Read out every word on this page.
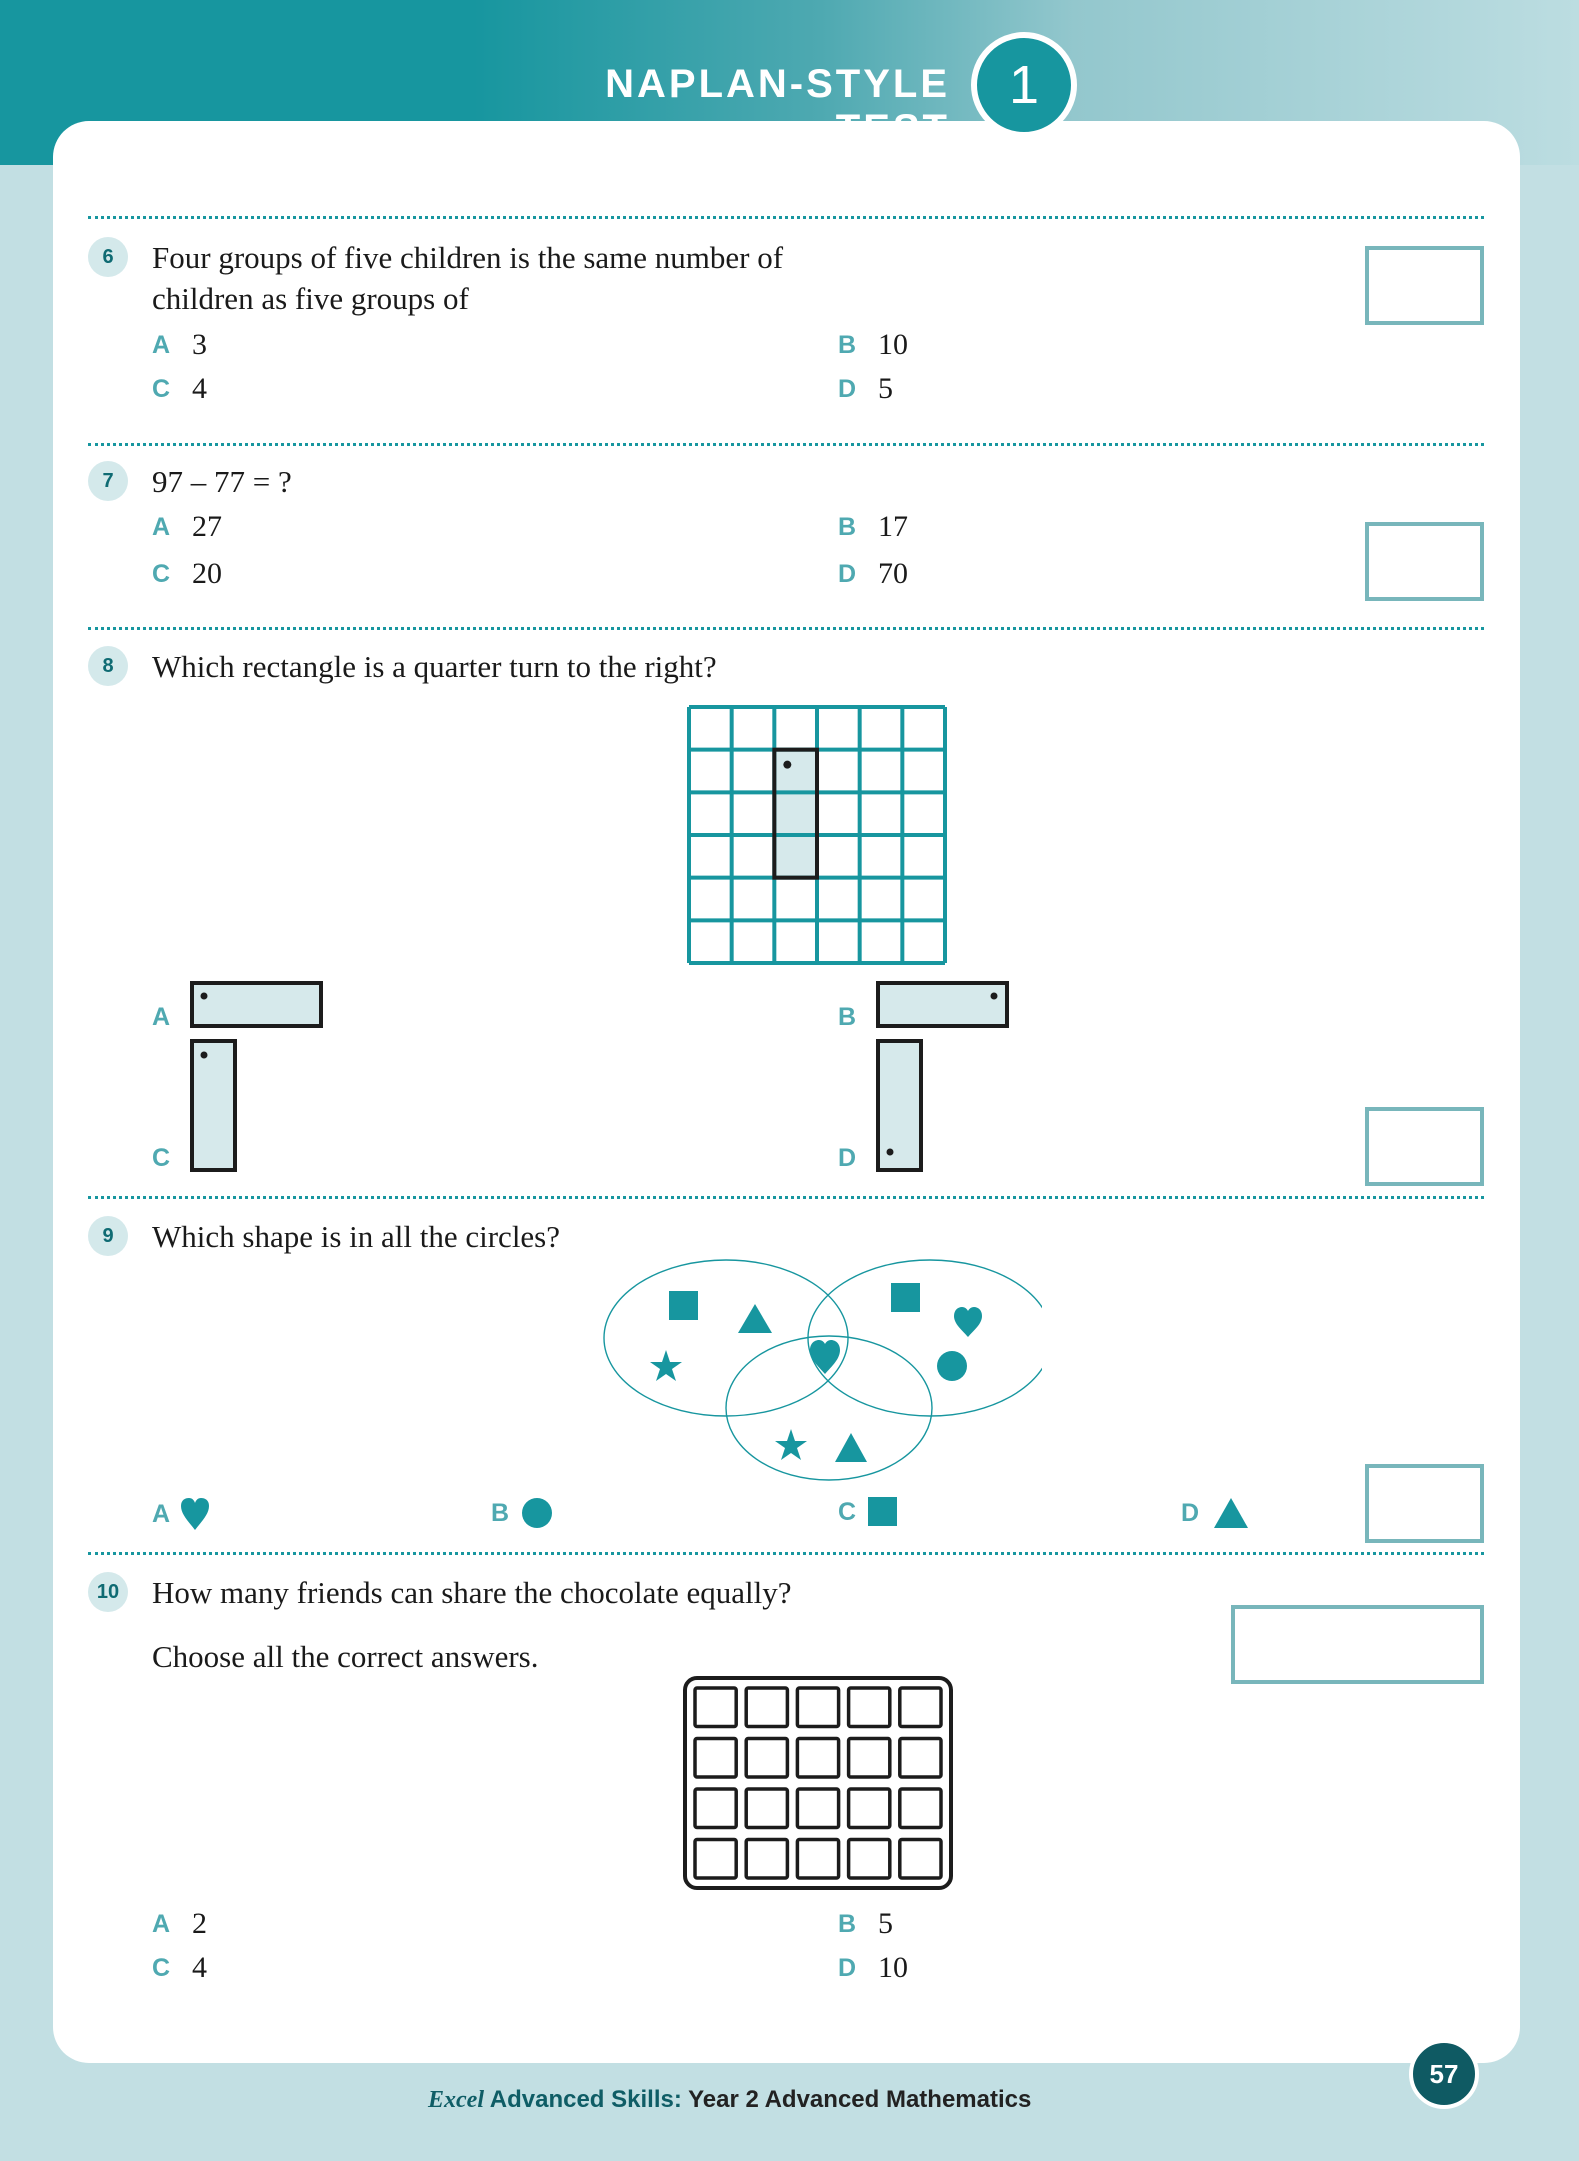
NAPLAN-STYLE TEST
1
6	Four groups of five children is the same number of
children as five groups of
A 3	B 10
C 4	D 5
7	97 – 77 = ?
A 27	B 17
C 20	D 70
8	Which rectangle is a quarter turn to the right?
A	B
C	D
9	Which shape is in all the circles?
A	B	C	D
10 How many friends can share the chocolate equally?
Choose all the correct answers.
A 2	B 5
C 4	D 10
Excel Advanced Skills: Year 2 Advanced Mathematics
57
